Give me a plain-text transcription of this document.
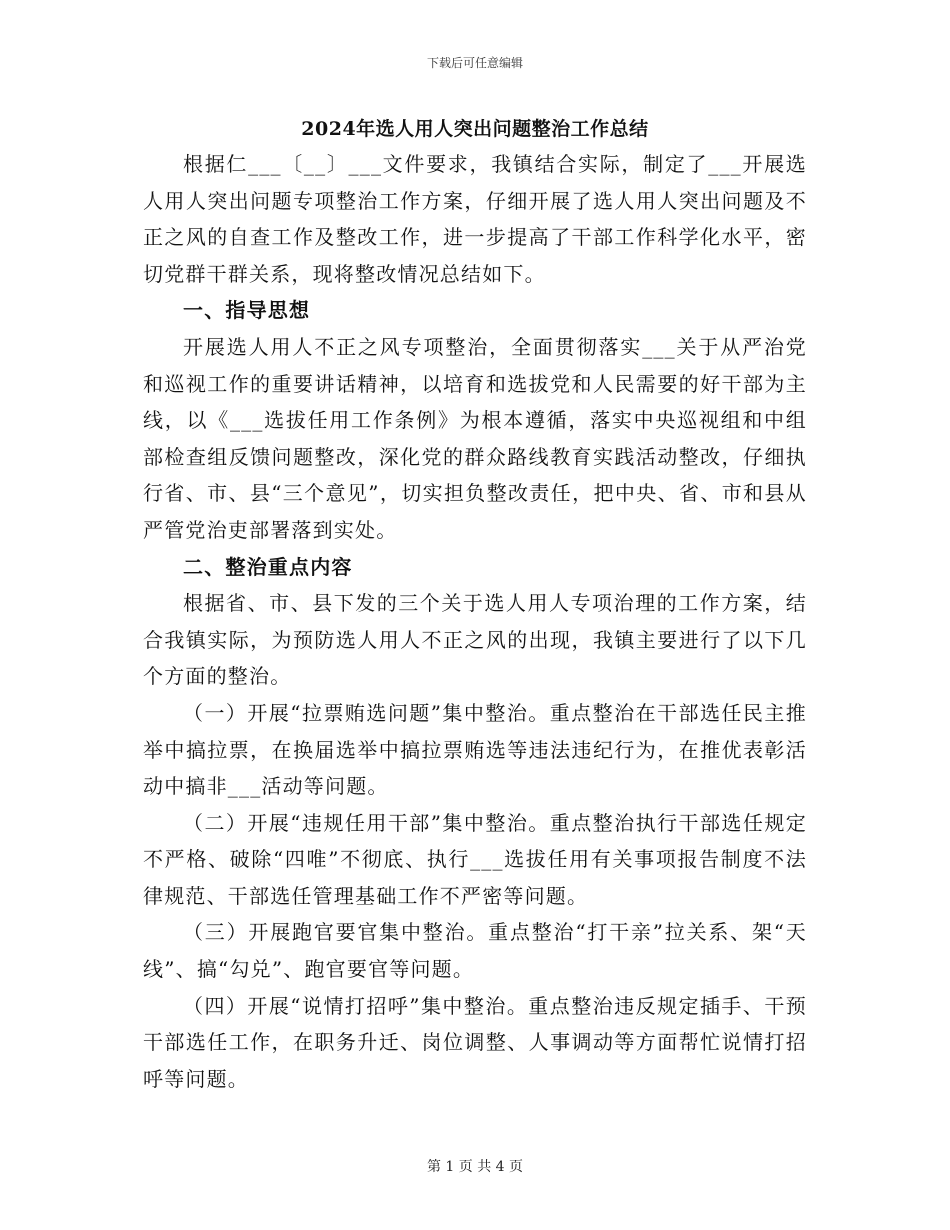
下载后可任意编辑
2024年选人用人突出问题整治工作总结

根据仁___〔__〕___文件要求，我镇结合实际，制定了___开展选人用人突出问题专项整治工作方案，仔细开展了选人用人突出问题及不正之风的自查工作及整改工作，进一步提高了干部工作科学化水平，密切党群干群关系，现将整改情况总结如下。

一、指导思想

开展选人用人不正之风专项整治，全面贯彻落实___关于从严治党和巡视工作的重要讲话精神，以培育和选拔党和人民需要的好干部为主线，以《___选拔任用工作条例》为根本遵循，落实中央巡视组和中组部检查组反馈问题整改，深化党的群众路线教育实践活动整改，仔细执行省、市、县“三个意见”，切实担负整改责任，把中央、省、市和县从严管党治吏部署落到实处。

二、整治重点内容

根据省、市、县下发的三个关于选人用人专项治理的工作方案，结合我镇实际，为预防选人用人不正之风的出现，我镇主要进行了以下几个方面的整治。

（一）开展“拉票贿选问题”集中整治。重点整治在干部选任民主推举中搞拉票，在换届选举中搞拉票贿选等违法违纪行为，在推优表彰活动中搞非___活动等问题。

（二）开展“违规任用干部”集中整治。重点整治执行干部选任规定不严格、破除“四唯”不彻底、执行___选拔任用有关事项报告制度不法律规范、干部选任管理基础工作不严密等问题。

（三）开展跑官要官集中整治。重点整治“打干亲”拉关系、架“天线”、搞“勾兑”、跑官要官等问题。

（四）开展“说情打招呼”集中整治。重点整治违反规定插手、干预干部选任工作，在职务升迁、岗位调整、人事调动等方面帮忙说情打招呼等问题。

第 1 页 共 4 页
